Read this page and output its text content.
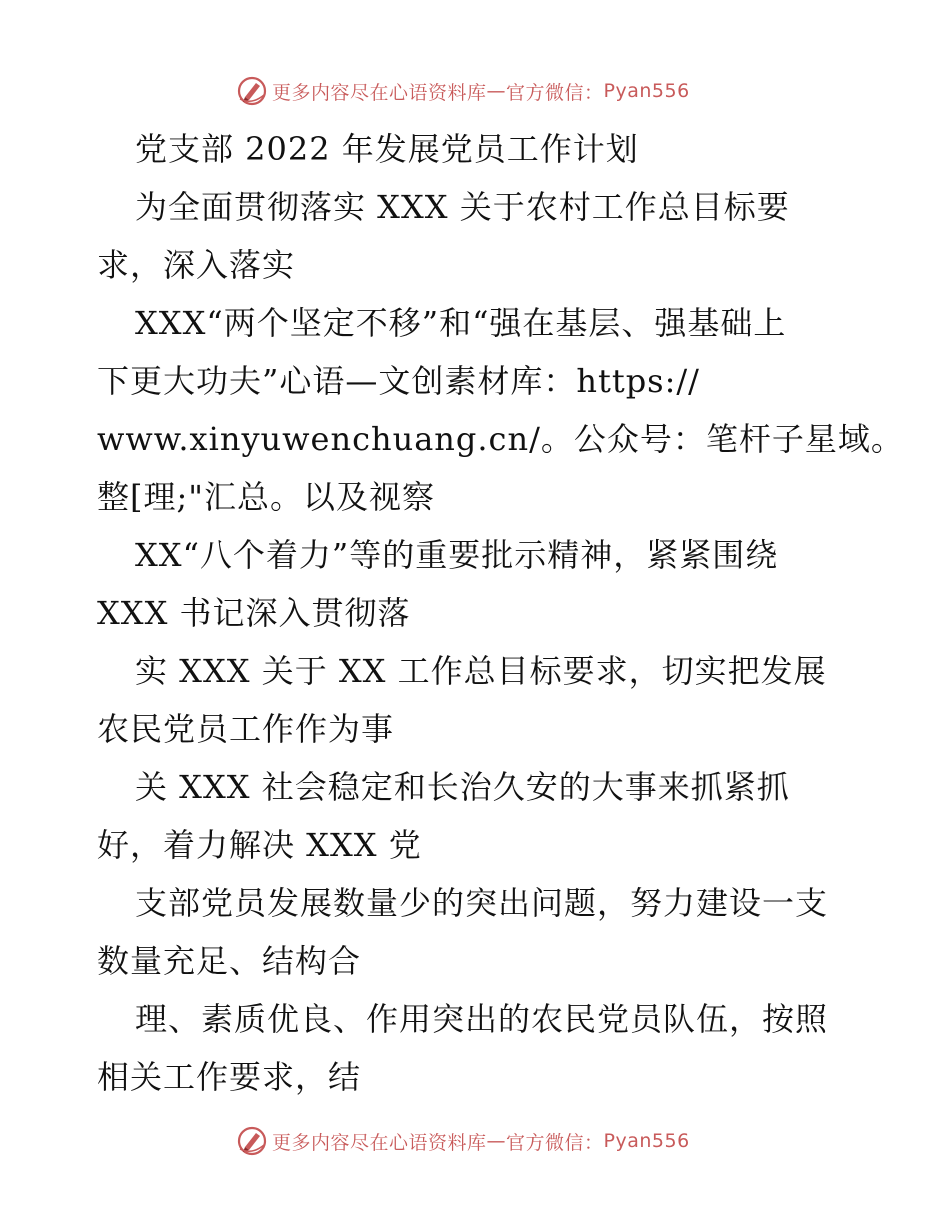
更多内容尽在心语资料库 — 官方微信： Pyan556
党支部 2022 年发展党员工作计划
为全面贯彻落实 XXX 关于农村工作总目标要
求，深入落实
XXX“两个坚定不移”和“强在基层、强基础上
下更大功夫”心语—文创素材库：https://
www.xinyuwenchuang.cn/。公众号：笔杆子星域。
整[理;"汇总。以及视察
XX“八个着力”等的重要批示精神，紧紧围绕
XXX 书记深入贯彻落
实 XXX 关于 XX 工作总目标要求，切实把发展
农民党员工作作为事
关 XXX 社会稳定和长治久安的大事来抓紧抓
好，着力解决 XXX 党
支部党员发展数量少的突出问题，努力建设一支
数量充足、结构合
理、素质优良、作用突出的农民党员队伍，按照
相关工作要求，结
更多内容尽在心语资料库 — 官方微信： Pyan556
